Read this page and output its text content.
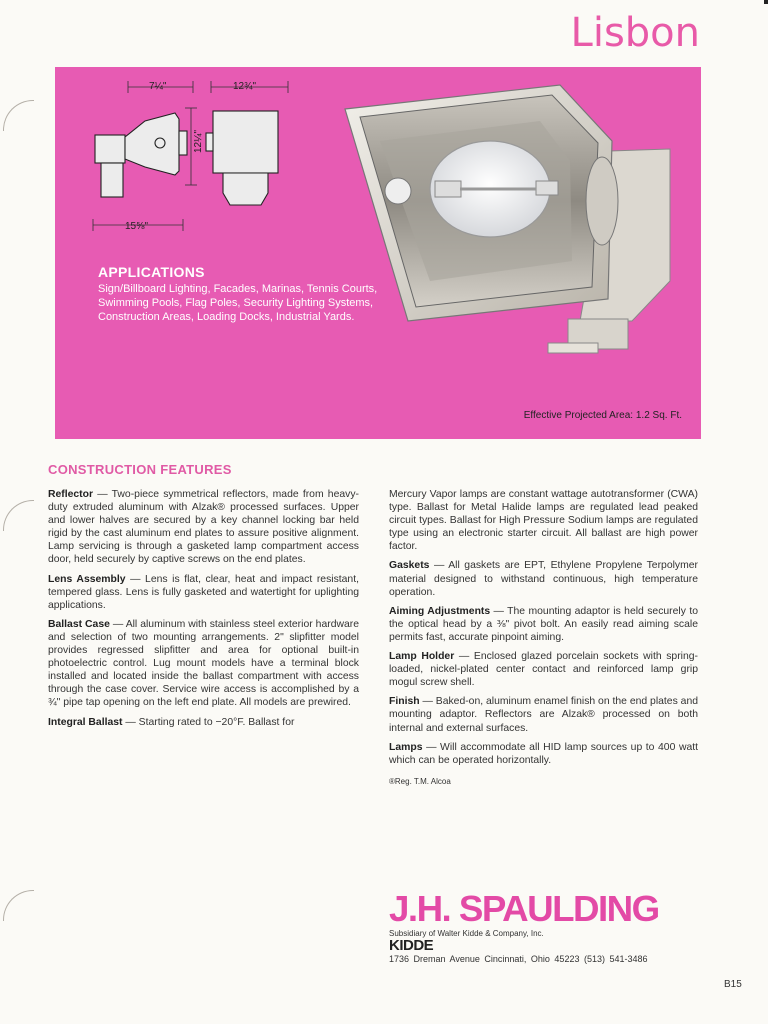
Lisbon
7¼"	12¾"
12¼"
15⅝"
APPLICATIONS
Sign/Billboard Lighting, Facades, Marinas, Tennis Courts, Swimming Pools, Flag Poles, Security Lighting Systems, Construction Areas, Loading Docks, Industrial Yards.
Effective Projected Area: 1.2 Sq. Ft.
CONSTRUCTION FEATURES

Reflector — Two-piece symmetrical reflectors, made from heavy-duty extruded aluminum with Alzak® processed surfaces. Upper and lower halves are secured by a key channel locking bar held rigid by the cast aluminum end plates to assure positive alignment. Lamp servicing is through a gasketed lamp compartment access door, held securely by captive screws on the end plates.

Lens Assembly — Lens is flat, clear, heat and impact resistant, tempered glass. Lens is fully gasketed and watertight for uplighting applications.

Ballast Case — All aluminum with stainless steel exterior hardware and selection of two mounting arrangements. 2" slipfitter model provides regressed slipfitter and area for optional built-in photoelectric control. Lug mount models have a terminal block installed and located inside the ballast compartment with access through the case cover. Service wire access is accomplished by a ¾" pipe tap opening on the left end plate. All models are prewired.

Integral Ballast — Starting rated to −20°F. Ballast for

Mercury Vapor lamps are constant wattage autotransformer (CWA) type. Ballast for Metal Halide lamps are regulated lead peaked circuit types. Ballast for High Pressure Sodium lamps are regulated type using an electronic starter circuit. All ballast are high power factor.

Gaskets — All gaskets are EPT, Ethylene Propylene Terpolymer material designed to withstand continuous, high temperature operation.

Aiming Adjustments — The mounting adaptor is held securely to the optical head by a ⅜" pivot bolt. An easily read aiming scale permits fast, accurate pinpoint aiming.

Lamp Holder — Enclosed glazed porcelain sockets with spring-loaded, nickel-plated center contact and reinforced lamp grip mogul screw shell.

Finish — Baked-on, aluminum enamel finish on the end plates and mounting adaptor. Reflectors are Alzak® processed on both internal and external surfaces.

Lamps — Will accommodate all HID lamp sources up to 400 watt which can be operated horizontally.

®Reg. T.M. Alcoa

J.H. SPAULDING
Subsidiary of Walter Kidde & Company, Inc.
KIDDE
1736 Dreman Avenue Cincinnati, Ohio 45223 (513) 541-3486
B15
